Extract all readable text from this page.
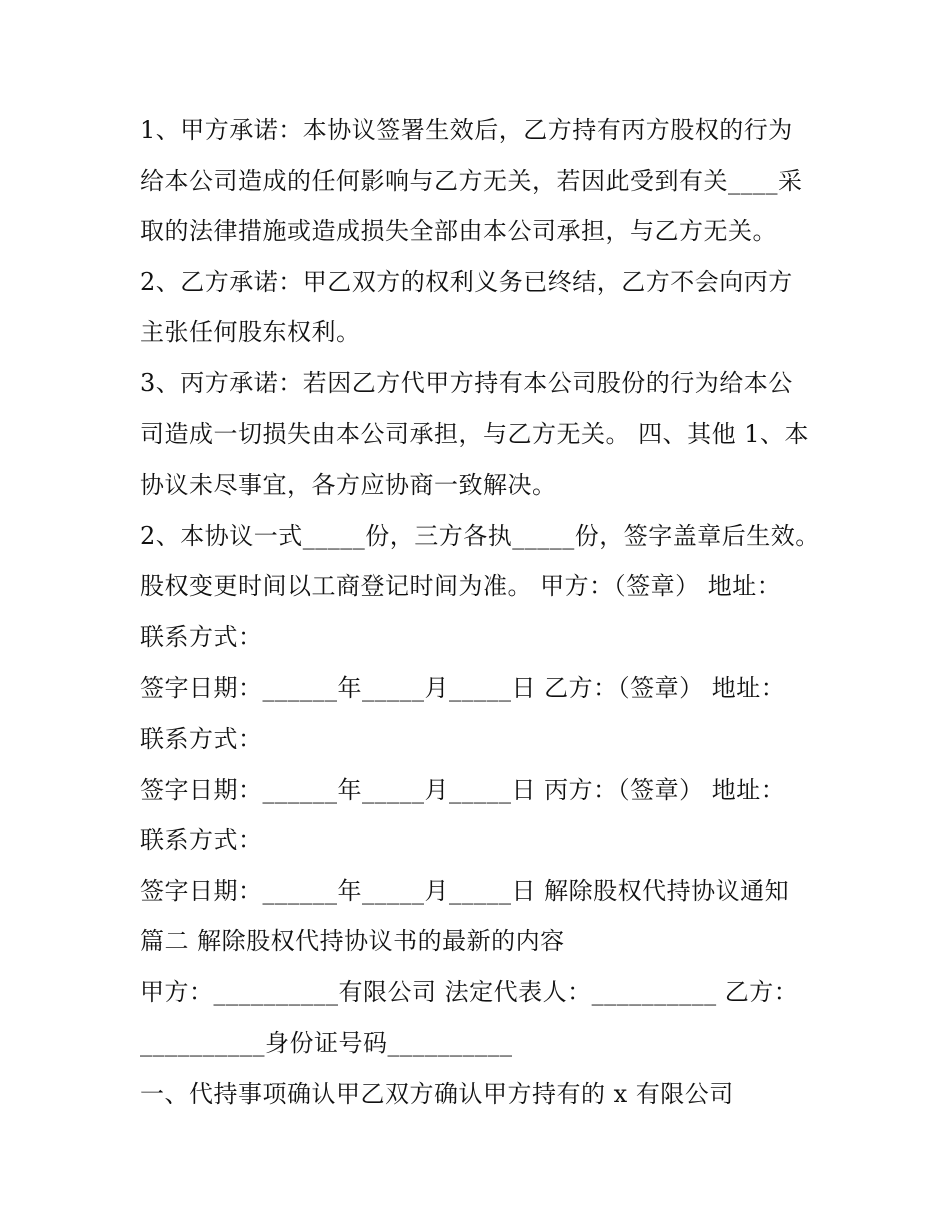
1、甲方承诺：本协议签署生效后，乙方持有丙方股权的行为
给本公司造成的任何影响与乙方无关，若因此受到有关____采
取的法律措施或造成损失全部由本公司承担，与乙方无关。
2、乙方承诺：甲乙双方的权利义务已终结，乙方不会向丙方
主张任何股东权利。
3、丙方承诺：若因乙方代甲方持有本公司股份的行为给本公
司造成一切损失由本公司承担，与乙方无关。 四、其他 1、本
协议未尽事宜，各方应协商一致解决。
2、本协议一式_____份，三方各执_____份，签字盖章后生效。
股权变更时间以工商登记时间为准。 甲方：（签章） 地址：
联系方式：
签字日期：______年_____月_____日 乙方：（签章） 地址：
联系方式：
签字日期：______年_____月_____日 丙方：（签章） 地址：
联系方式：
签字日期：______年_____月_____日 解除股权代持协议通知
篇二 解除股权代持协议书的最新的内容
甲方：__________有限公司 法定代表人：__________ 乙方：
__________身份证号码__________
一、代持事项确认甲乙双方确认甲方持有的 x 有限公司
